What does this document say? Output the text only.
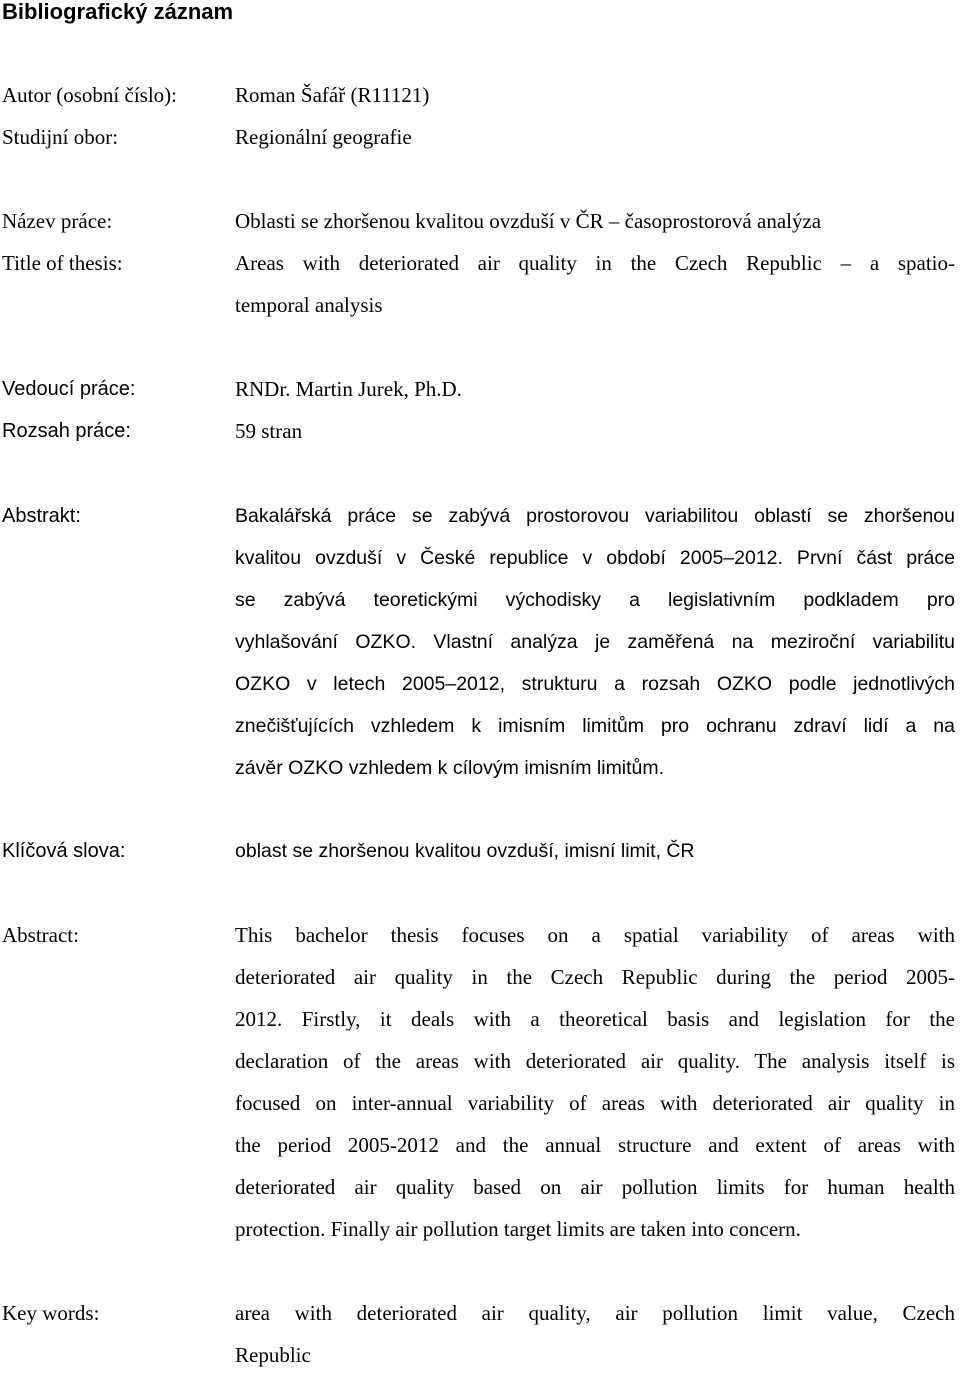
Bibliografický záznam
Autor (osobní číslo):	Roman Šafář (R11121)
Studijní obor:	Regionální geografie
Název práce:	Oblasti se zhoršenou kvalitou ovzduší v ČR – časoprostorová analýza
Title of thesis:	Areas with deteriorated air quality in the Czech Republic – a spatio-
temporal analysis
Vedoucí práce:	RNDr. Martin Jurek, Ph.D.
Rozsah práce:	59 stran
Abstrakt:	Bakalářská práce se zabývá prostorovou variabilitou oblastí se zhoršenou
kvalitou ovzduší v České republice v období 2005–2012. První část práce
se zabývá teoretickými východisky a legislativním podkladem pro
vyhlašování OZKO. Vlastní analýza je zaměřená na meziroční variabilitu
OZKO v letech 2005–2012, strukturu a rozsah OZKO podle jednotlivých
znečišťujících vzhledem k imisním limitům pro ochranu zdraví lidí a na
závěr OZKO vzhledem k cílovým imisním limitům.
Klíčová slova:	oblast se zhoršenou kvalitou ovzduší, imisní limit, ČR
Abstract:	This bachelor thesis focuses on a spatial variability of areas with
deteriorated air quality in the Czech Republic during the period 2005-
2012. Firstly, it deals with a theoretical basis and legislation for the
declaration of the areas with deteriorated air quality. The analysis itself is
focused on inter-annual variability of areas with deteriorated air quality in
the period 2005-2012 and the annual structure and extent of areas with
deteriorated air quality based on air pollution limits for human health
protection. Finally air pollution target limits are taken into concern.
Key words:	area with deteriorated air quality, air pollution limit value, Czech
Republic
